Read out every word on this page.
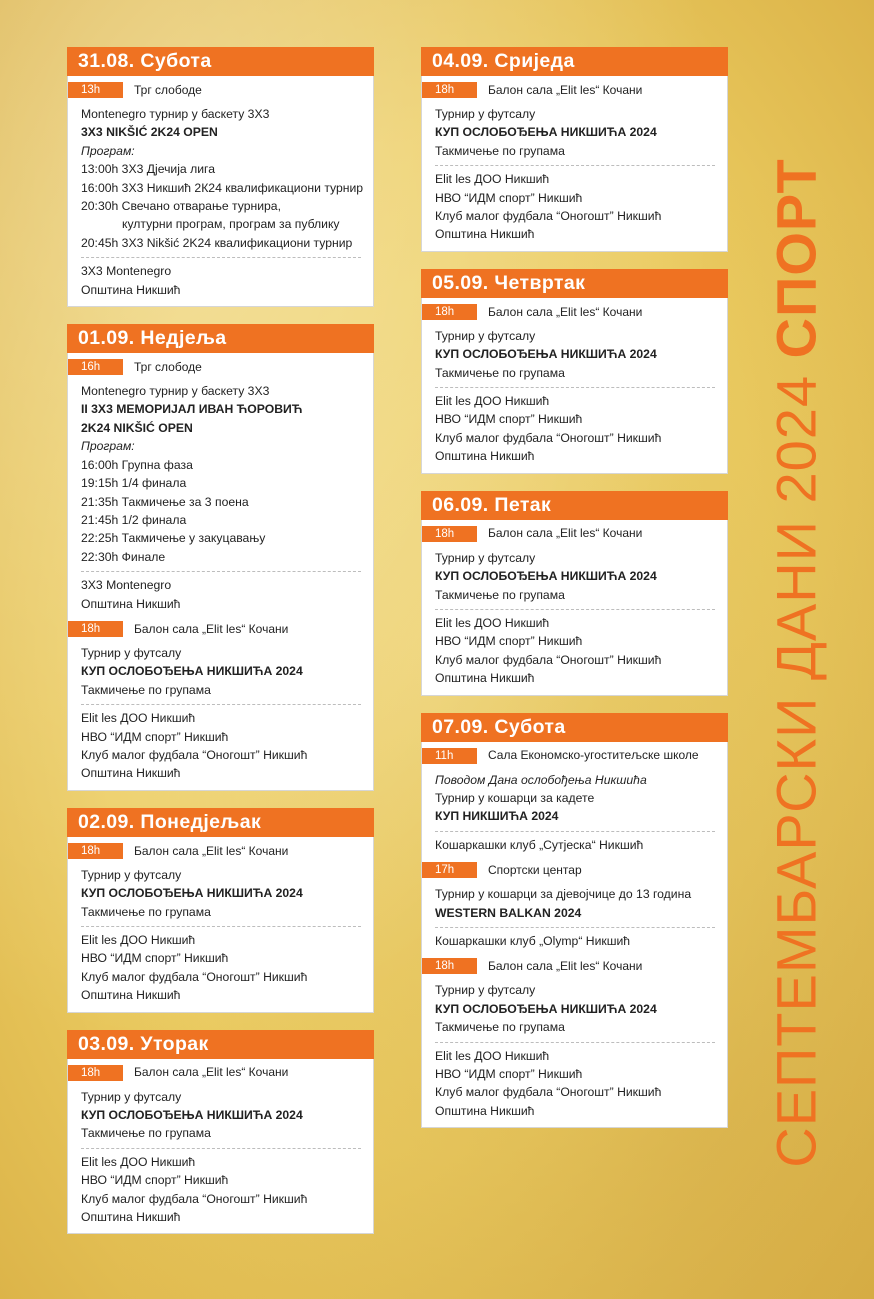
31.08. Субота
13h	Трг слободе
Montenegro турнир у баскету 3X3
3X3 NIKŠIĆ 2K24 OPEN
Програм:
13:00h 3X3 Дјечија лига
16:00h 3X3 Никшић 2К24 квалификациони турнир
20:30h Свечано отварање турнира,
културни програм, програм за публику
20:45h 3X3 Nikšić 2K24 квалификациони турнир
3X3 Montenegro
Општина Никшић
01.09. Недјеља
16h	Трг слободе
Montenegro турнир у баскету 3X3
II 3X3 МЕМОРИЈАЛ ИВАН ЋОРОВИЋ
2K24 NIKŠIĆ OPEN
Програм:
16:00h Групна фаза
19:15h 1/4 финала
21:35h Такмичење за 3 поена
21:45h 1/2 финала
22:25h Такмичење у закуцавању
22:30h Финале
3X3 Montenegro
Општина Никшић
18h	Балон сала „Elit les“ Кочани
Турнир у футсалу
КУП ОСЛОБОЂЕЊА НИКШИЋА 2024
Такмичење по групама
Elit les ДОО Никшић
НВО “ИДМ спорт” Никшић
Клуб малог фудбала “Оногошт” Никшић
Општина Никшић
02.09. Понедјељак
18h	Балон сала „Elit les“ Кочани
Турнир у футсалу
КУП ОСЛОБОЂЕЊА НИКШИЋА 2024
Такмичење по групама
Elit les ДОО Никшић
НВО “ИДМ спорт” Никшић
Клуб малог фудбала “Оногошт” Никшић
Општина Никшић
03.09. Уторак
18h	Балон сала „Elit les“ Кочани
Турнир у футсалу
КУП ОСЛОБОЂЕЊА НИКШИЋА 2024
Такмичење по групама
Elit les ДОО Никшић
НВО “ИДМ спорт” Никшић
Клуб малог фудбала “Оногошт” Никшић
Општина Никшић
04.09. Сриједа
18h	Балон сала „Elit les“ Кочани
Турнир у футсалу
КУП ОСЛОБОЂЕЊА НИКШИЋА 2024
Такмичење по групама
Elit les ДОО Никшић
НВО “ИДМ спорт” Никшић
Клуб малог фудбала “Оногошт” Никшић
Општина Никшић
05.09. Четвртак
18h	Балон сала „Elit les“ Кочани
Турнир у футсалу
КУП ОСЛОБОЂЕЊА НИКШИЋА 2024
Такмичење по групама
Elit les ДОО Никшић
НВО “ИДМ спорт” Никшић
Клуб малог фудбала “Оногошт” Никшић
Општина Никшић
06.09. Петак
18h	Балон сала „Elit les“ Кочани
Турнир у футсалу
КУП ОСЛОБОЂЕЊА НИКШИЋА 2024
Такмичење по групама
Elit les ДОО Никшић
НВО “ИДМ спорт” Никшић
Клуб малог фудбала “Оногошт” Никшић
Општина Никшић
07.09. Субота
11h	Сала Економско-угоститељске школе
Поводом Дана ослобођења Никшића
Турнир у кошарци за кадете
КУП НИКШИЋА 2024
Кошаркашки клуб „Сутјеска“ Никшић
17h	Спортски центар
Турнир у кошарци за дјевојчице до 13 година
WESTERN BALKAN 2024
Кошаркашки клуб „Olymp“ Никшић
18h	Балон сала „Elit les“ Кочани
Турнир у футсалу
КУП ОСЛОБОЂЕЊА НИКШИЋА 2024
Такмичење по групама
Elit les ДОО Никшић
НВО “ИДМ спорт” Никшић
Клуб малог фудбала “Оногошт” Никшић
Општина Никшић	СЕПТЕМБАРСКИ ДАНИ 2024 СПОРТ
